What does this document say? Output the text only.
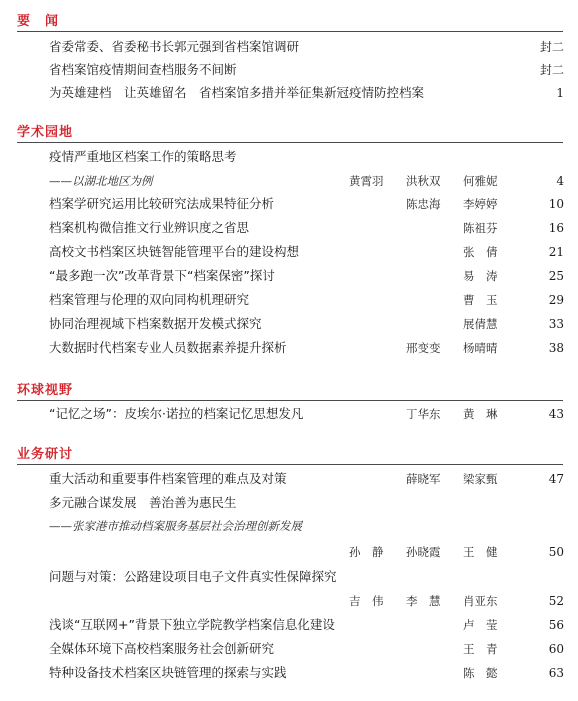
要　闻
省委常委、省委秘书长郭元强到省档案馆调研	封二
省档案馆疫情期间查档服务不间断	封二
为英雄建档　让英雄留名　省档案馆多措并举征集新冠疫情防控档案	1
学术园地
疫情严重地区档案工作的策略思考
——以湖北地区为例	黄霄羽 洪秋双 何雅妮	4
档案学研究运用比较研究法成果特征分析	陈忠海 李婷婷	10
档案机构微信推文行业辨识度之省思	陈祖芬	16
高校文书档案区块链智能管理平台的建设构想	张　倩	21
“最多跑一次”改革背景下“档案保密”探讨	易　涛	25
档案管理与伦理的双向同构机理研究	曹　玉	29
协同治理视域下档案数据开发模式探究	展倩慧	33
大数据时代档案专业人员数据素养提升探析	邢变变 杨晴晴	38
环球视野
“记忆之场”：皮埃尔·诺拉的档案记忆思想发凡	丁华东 黄　琳	43
业务研讨
重大活动和重要事件档案管理的难点及对策	薛晓军 梁家甄	47
多元融合谋发展　善治善为惠民生
——张家港市推动档案服务基层社会治理创新发展
孙　静 孙晓霞 王　健	50
问题与对策：公路建设项目电子文件真实性保障探究
吉　伟 李　慧 肖亚东	52
浅谈“互联网+”背景下独立学院教学档案信息化建设	卢　莹	56
全媒体环境下高校档案服务社会创新研究	王　青	60
特种设备技术档案区块链管理的探索与实践	陈　懿	63
